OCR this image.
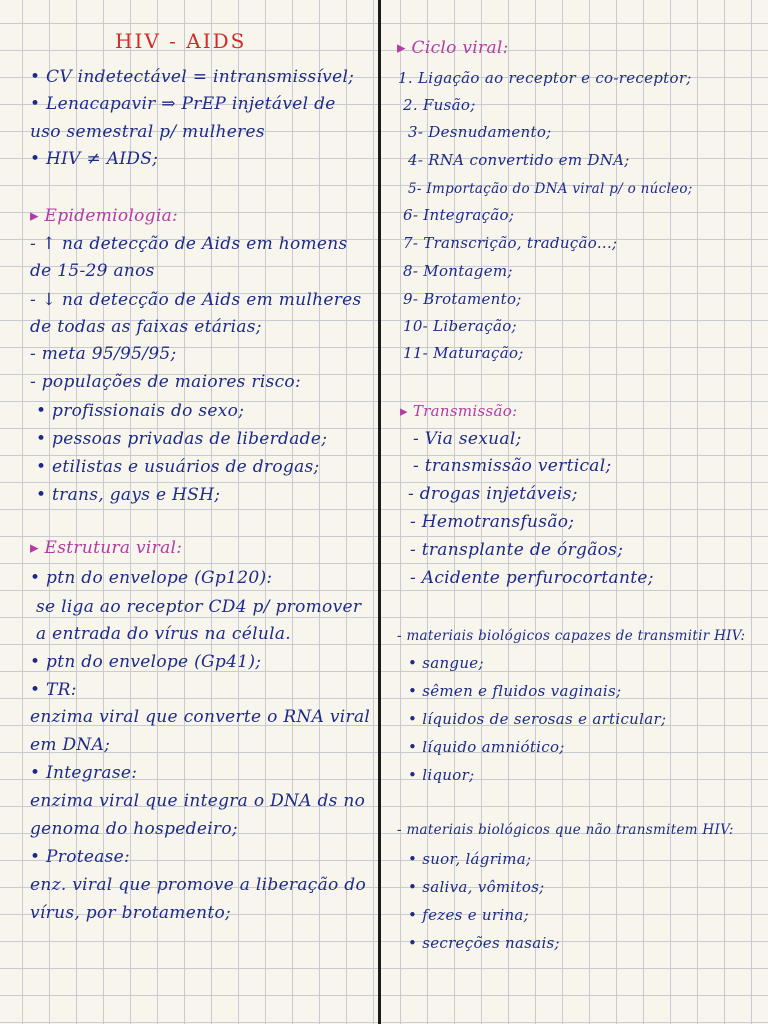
HIV - AIDS
• CV indetectável = intransmissível;
• Lenacapavir ⇒ PrEP injetável de
uso semestral p/ mulheres
• HIV ≠ AIDS;
▸ Epidemiologia:
- ↑ na detecção de Aids em homens
de 15-29 anos
- ↓ na detecção de Aids em mulheres
de todas as faixas etárias;
- meta 95/95/95;
- populações de maiores risco:
• profissionais do sexo;
• pessoas privadas de liberdade;
• etilistas e usuários de drogas;
• trans, gays e HSH;
▸ Estrutura viral:
• ptn do envelope (Gp120):
se liga ao receptor CD4 p/ promover
a entrada do vírus na célula.
• ptn do envelope (Gp41);
• TR:
enzima viral que converte o RNA viral
em DNA;
• Integrase:
enzima viral que integra o DNA ds no
genoma do hospedeiro;
• Protease:
enz. viral que promove a liberação do
vírus, por brotamento;
▸ Ciclo viral:
1. Ligação ao receptor e co-receptor;
2. Fusão;
3- Desnudamento;
4- RNA convertido em DNA;
5- Importação do DNA viral p/ o núcleo;
6- Integração;
7- Transcrição, tradução...;
8- Montagem;
9- Brotamento;
10- Liberação;
11- Maturação;
▸ Transmissão:
- Via sexual;
- transmissão vertical;
- drogas injetáveis;
- Hemotransfusão;
- transplante de órgãos;
- Acidente perfurocortante;
- materiais biológicos capazes de transmitir HIV:
• sangue;
• sêmen e fluidos vaginais;
• líquidos de serosas e articular;
• líquido amniótico;
• liquor;
- materiais biológicos que não transmitem HIV:
• suor, lágrima;
• saliva, vômitos;
• fezes e urina;
• secreções nasais;
